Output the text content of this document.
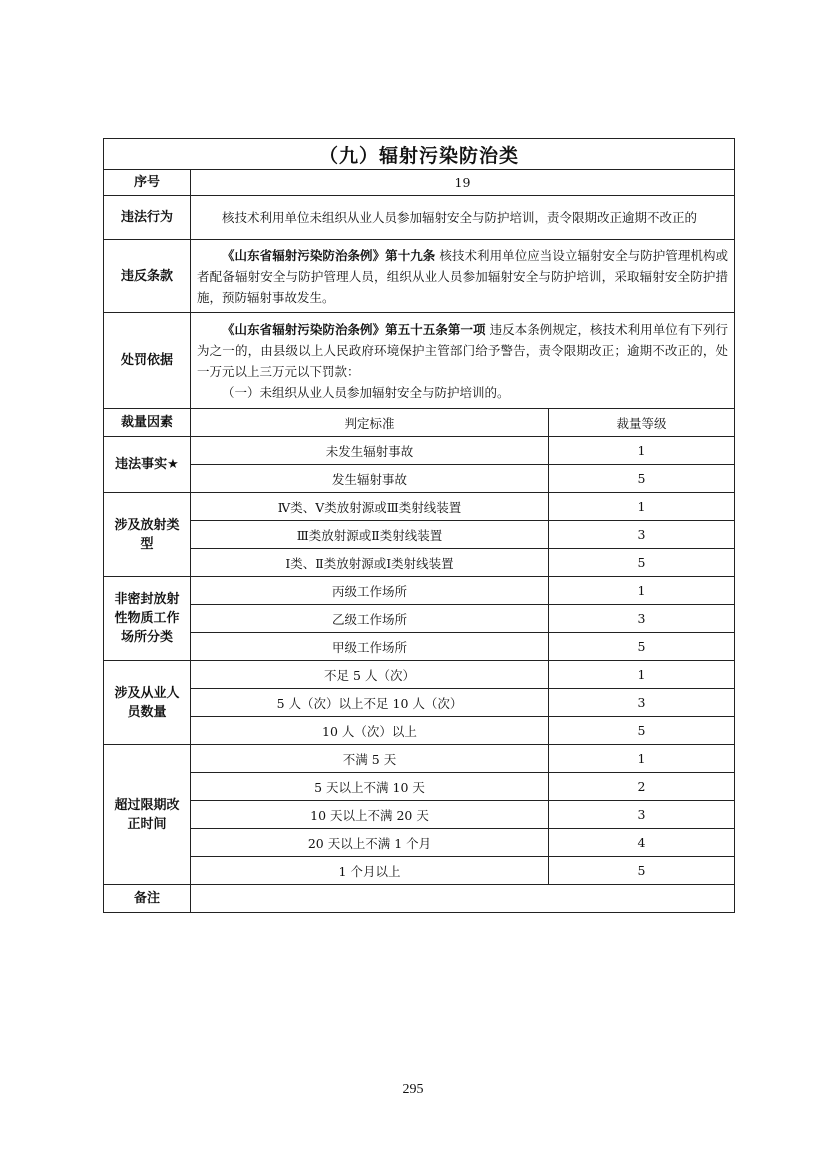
（九）辐射污染防治类		
序号	19	
违法行为	核技术利用单位未组织从业人员参加辐射安全与防护培训，责令限期改正逾期不改正的	

违反条款	《山东省辐射污染防治条例》第十九条 核技术利用单位应当设立辐射安全与防护管理机构或者配备辐射安全与防护管理人员，组织从业人员参加辐射安全与防护培训，采取辐射安全防护措施，预防辐射事故发生。	

处罚依据	《山东省辐射污染防治条例》第五十五条第一项 违反本条例规定，核技术利用单位有下列行为之一的，由县级以上人民政府环境保护主管部门给予警告，责令限期改正；逾期不改正的，处一万元以上三万元以下罚款：

（一）未组织从业人员参加辐射安全与防护培训的。	

裁量因素	判定标准	裁量等级
违法事实★	未发生辐射事故	1
	发生辐射事故	5
涉及放射类型	Ⅳ类、Ⅴ类放射源或Ⅲ类射线装置	1
	Ⅲ类放射源或Ⅱ类射线装置	3
	Ⅰ类、Ⅱ类放射源或Ⅰ类射线装置	5
非密封放射性物质工作场所分类	丙级工作场所	1
	乙级工作场所	3
	甲级工作场所	5
涉及从业人员数量	不足 5 人（次）	1
	5 人（次）以上不足 10 人（次）	3
	10 人（次）以上	5
超过限期改正时间	不满 5 天	1
	5 天以上不满 10 天	2
	10 天以上不满 20 天	3
	20 天以上不满 1 个月	4
	1 个月以上	5
备注		
295
